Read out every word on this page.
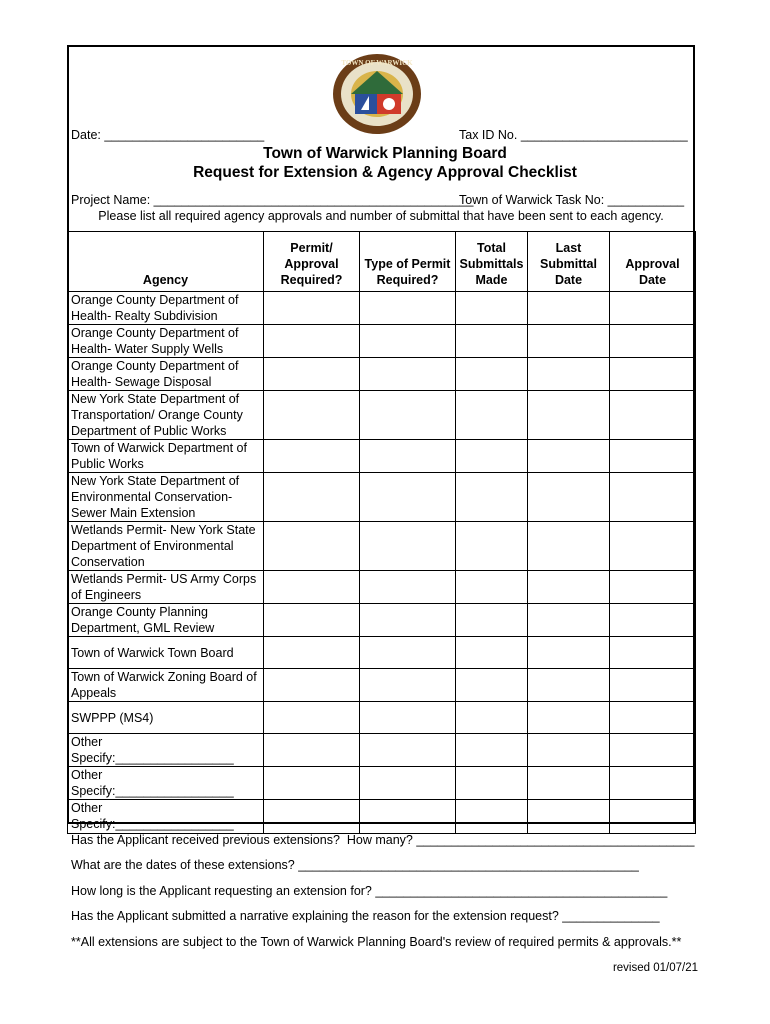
TOWN OF WARWICK
Date: _______________________	Tax ID No. ________________________
Town of Warwick Planning Board
Request for Extension & Agency Approval Checklist
Project Name: ______________________________________________
Town of Warwick Task No: ___________
Please list all required agency approvals and number of submittal that have been sent to each agency.
Agency	Permit/ Approval Required?	Type of Permit Required?	Total Submittals Made	Last Submittal Date	Approval Date
Orange County Department of Health- Realty Subdivision					
Orange County Department of Health- Water Supply Wells					
Orange County Department of Health- Sewage Disposal					
New York State Department of Transportation/ Orange County Department of Public Works					
Town of Warwick Department of Public Works					
New York State Department of Environmental Conservation- Sewer Main Extension					
Wetlands Permit- New York State Department of Environmental Conservation					
Wetlands Permit- US Army Corps of Engineers					
Orange County Planning Department, GML Review					
Town of Warwick Town Board					
Town of Warwick Zoning Board of Appeals					
SWPPP (MS4)					
Other Specify:_________________					
Other Specify:_________________					
Other Specify:_________________					
Has the Applicant received previous extensions?  How many? ________________________________________
What are the dates of these extensions? _________________________________________________
How long is the Applicant requesting an extension for? __________________________________________
Has the Applicant submitted a narrative explaining the reason for the extension request? ______________
**All extensions are subject to the Town of Warwick Planning Board's review of required permits & approvals.**
revised 01/07/21
